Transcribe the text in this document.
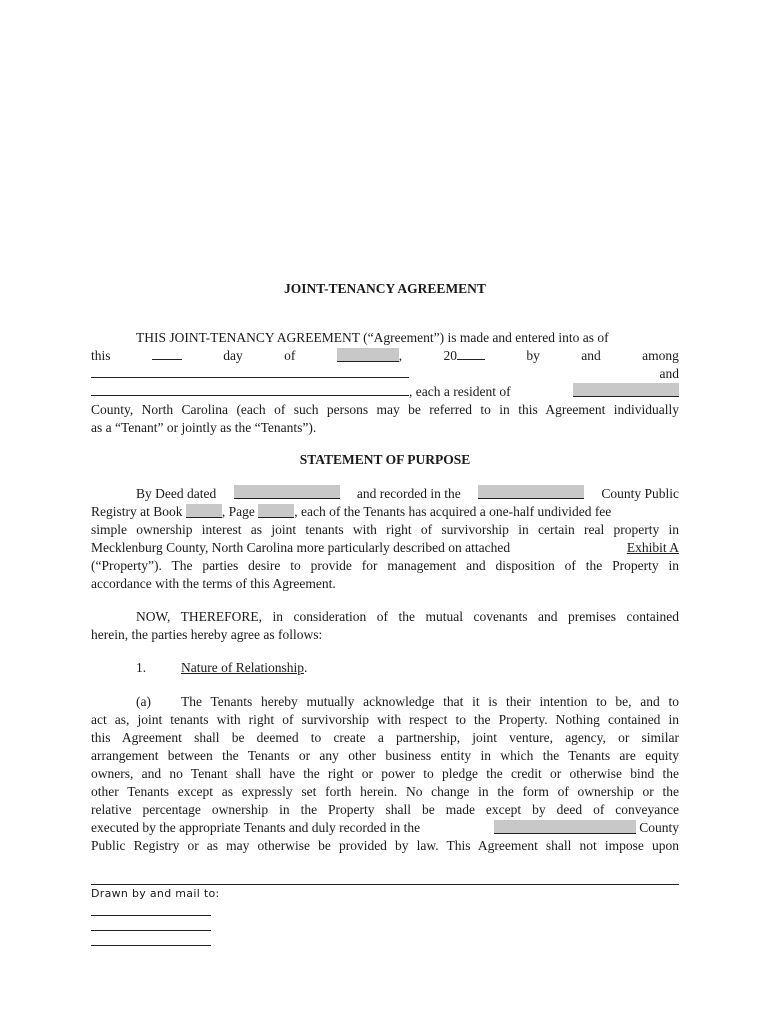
JOINT-TENANCY AGREEMENT
THIS JOINT-TENANCY AGREEMENT (“Agreement”) is made and entered into as of
this	day	of	,	20	by	and	among
and
, each a resident of
County, North Carolina (each of such persons may be referred to in this Agreement individually
as a “Tenant” or jointly as the “Tenants”).
STATEMENT OF PURPOSE
By Deed dated	and recorded in the	County Public
Registry at Book	, Page	, each of the Tenants has acquired a one-half undivided fee
simple ownership interest as joint tenants with right of survivorship in certain real property in
Mecklenburg County, North Carolina more particularly described on attached	Exhibit A
(“Property”). The parties desire to provide for management and disposition of the Property in
accordance with the terms of this Agreement.
NOW, THEREFORE, in consideration of the mutual covenants and premises contained
herein, the parties hereby agree as follows:
1.	Nature of Relationship.
(a)	The Tenants hereby mutually acknowledge that it is their intention to be, and to
act as, joint tenants with right of survivorship with respect to the Property. Nothing contained in
this Agreement shall be deemed to create a partnership, joint venture, agency, or similar
arrangement between the Tenants or any other business entity in which the Tenants are equity
owners, and no Tenant shall have the right or power to pledge the credit or otherwise bind the
other Tenants except as expressly set forth herein. No change in the form of ownership or the
relative percentage ownership in the Property shall be made except by deed of conveyance
executed by the appropriate Tenants and duly recorded in the	County
Public Registry or as may otherwise be provided by law. This Agreement shall not impose upon
Drawn by and mail to:
